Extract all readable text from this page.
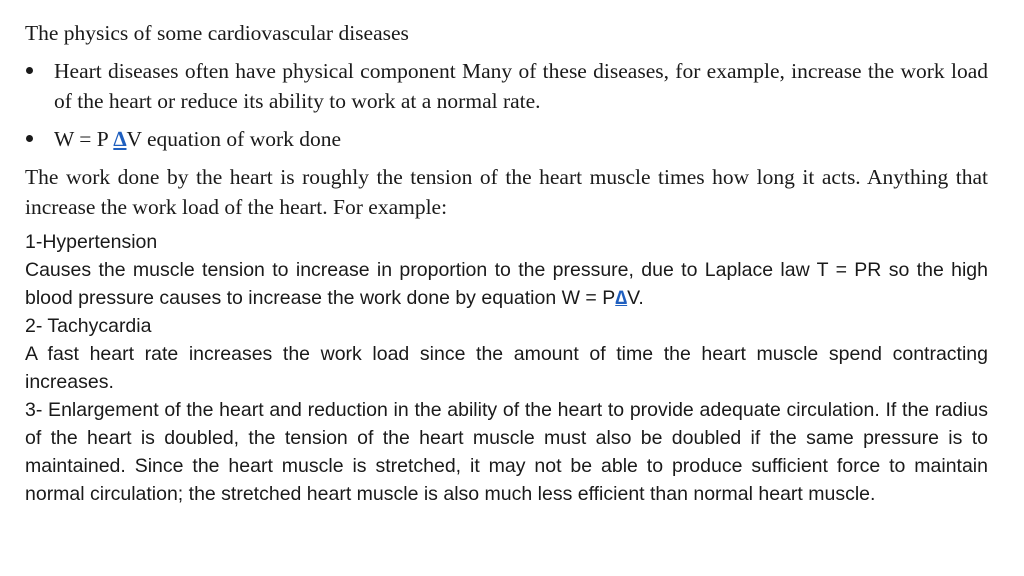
The physics of some cardiovascular diseases
Heart diseases often have physical component Many of these diseases, for example, increase the work load of the heart or reduce its ability to work at a normal rate.
W = P ∆V equation of work done

The work done by the heart is roughly the tension of the heart muscle times how long it acts. Anything that increase the work load of the heart. For example:

1-Hypertension
Causes the muscle tension to increase in proportion to the pressure, due to Laplace law T = PR so the high blood pressure causes to increase the work done by equation W = P∆V.
2- Tachycardia
A fast heart rate increases the work load since the amount of time the heart muscle spend contracting increases.
3- Enlargement of the heart and reduction in the ability of the heart to provide adequate circulation. If the radius of the heart is doubled, the tension of the heart muscle must also be doubled if the same pressure is to maintained. Since the heart muscle is stretched, it may not be able to produce sufficient force to maintain normal circulation; the stretched heart muscle is also much less efficient than normal heart muscle.
